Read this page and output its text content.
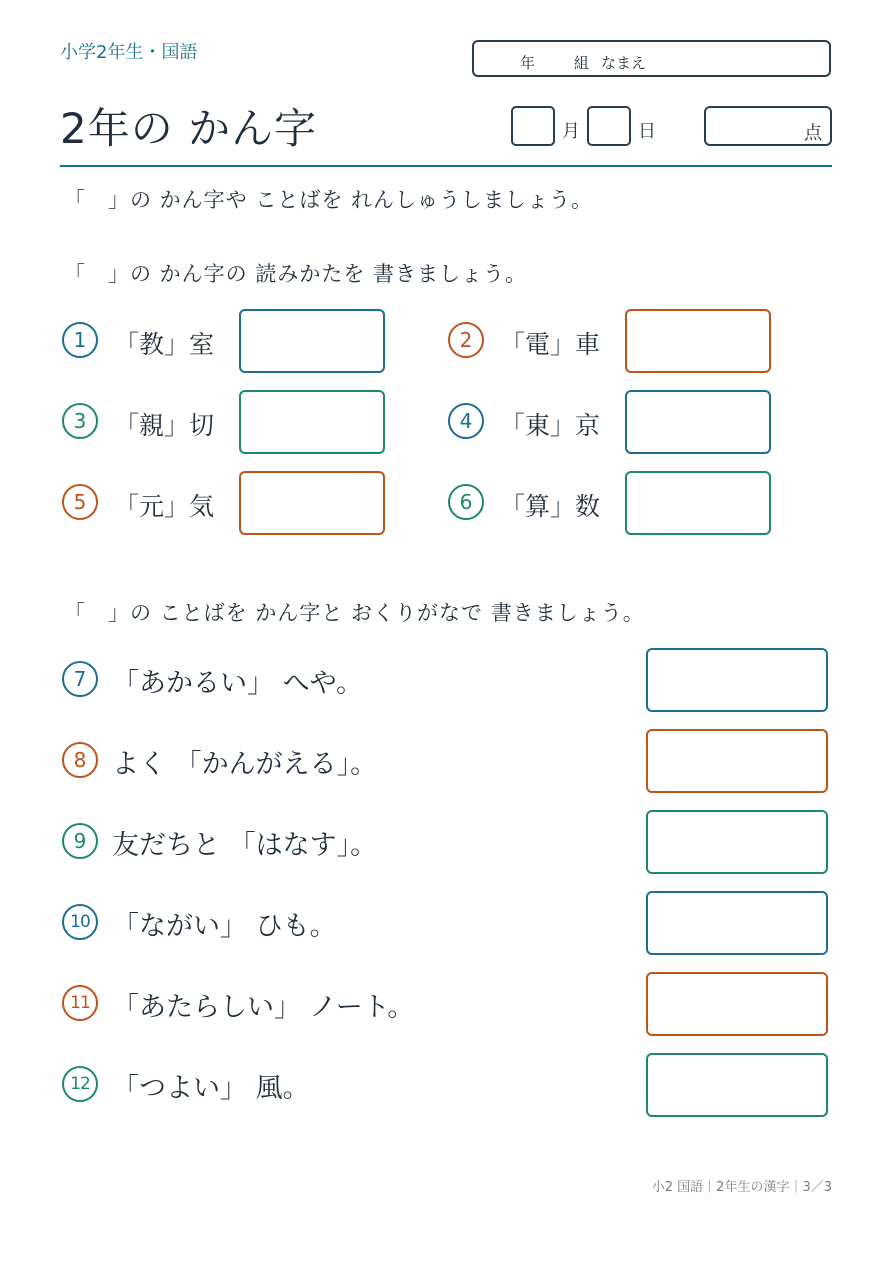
小学2年生・国語	年	組 なまえ
2年の かん字	月	日	点
「　」の かん字や ことばを れんしゅうしましょう。
「　」の かん字の 読みかたを 書きましょう。
1	「教」室	2	「電」車
3	「親」切	4	「東」京
5	「元」気	6	「算」数
「　」の ことばを かん字と おくりがなで 書きましょう。
7 「あかるい」 へや。
8 よく 「かんがえる」。
9 友だちと 「はなす」。
10 「ながい」 ひも。
11 「あたらしい」 ノート。
12 「つよい」 風。
小2 国語｜2年生の漢字｜3／3
